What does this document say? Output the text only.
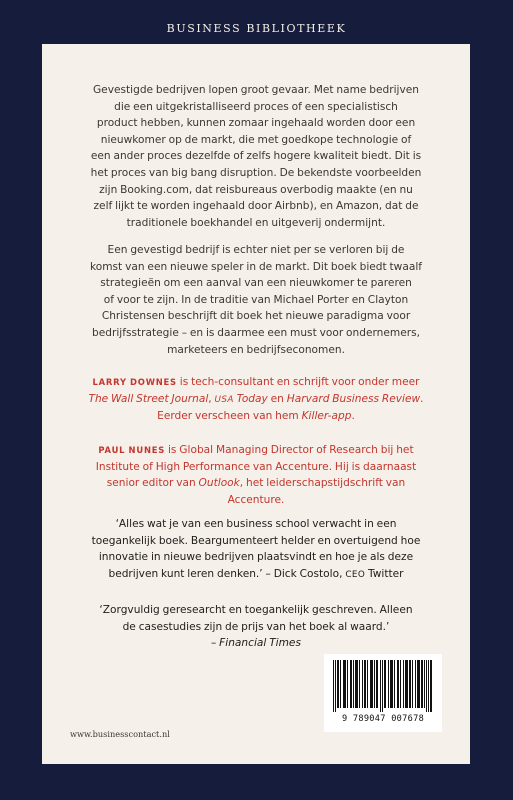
BUSINESS BIBLIOTHEEK
Gevestigde bedrijven lopen groot gevaar. Met name bedrijven
die een uitgekristalliseerd proces of een specialistisch
product hebben, kunnen zomaar ingehaald worden door een
nieuwkomer op de markt, die met goedkope technologie of
een ander proces dezelfde of zelfs hogere kwaliteit biedt. Dit is
het proces van big bang disruption. De bekendste voorbeelden
zijn Booking.com, dat reisbureaus overbodig maakte (en nu
zelf lijkt te worden ingehaald door Airbnb), en Amazon, dat de
traditionele boekhandel en uitgeverij ondermijnt.
Een gevestigd bedrijf is echter niet per se verloren bij de
komst van een nieuwe speler in de markt. Dit boek biedt twaalf
strategieën om een aanval van een nieuwkomer te pareren
of voor te zijn. In de traditie van Michael Porter en Clayton
Christensen beschrijft dit boek het nieuwe paradigma voor
bedrijfsstrategie – en is daarmee een must voor ondernemers,
marketeers en bedrijfseconomen.
LARRY DOWNES is tech-consultant en schrijft voor onder meer
The Wall Street Journal, USA Today en Harvard Business Review.
Eerder verscheen van hem Killer-app.
PAUL NUNES is Global Managing Director of Research bij het
Institute of High Performance van Accenture. Hij is daarnaast
senior editor van Outlook, het leiderschapstijdschrift van
Accenture.
‘Alles wat je van een business school verwacht in een
toegankelijk boek. Beargumenteert helder en overtuigend hoe
innovatie in nieuwe bedrijven plaatsvindt en hoe je als deze
bedrijven kunt leren denken.’ – Dick Costolo, CEO Twitter
‘Zorgvuldig geresearcht en toegankelijk geschreven. Alleen
de casestudies zijn de prijs van het boek al waard.’
– Financial Times
www.businesscontact.nl
9 789047 007678
